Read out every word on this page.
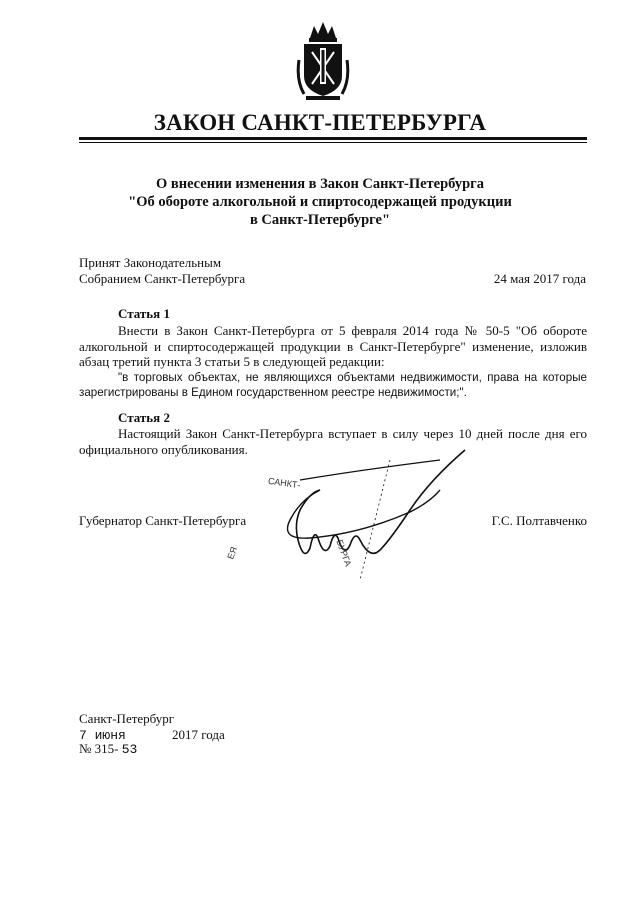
ЗАКОН САНКТ-ПЕТЕРБУРГА
О внесении изменения в Закон Санкт-Петербурга
"Об обороте алкогольной и спиртосодержащей продукции
в Санкт-Петербурге"
Принят Законодательным
Собранием Санкт-Петербурга	24 мая 2017 года
Статья 1
Внести в Закон Санкт-Петербурга от 5 февраля 2014 года № 50-5 "Об обороте алкогольной и спиртосодержащей продукции в Санкт-Петербурге" изменение, изложив абзац третий пункта 3 статьи 5 в следующей редакции:
"в торговых объектах, не являющихся объектами недвижимости, права на которые зарегистрированы в Едином государственном реестре недвижимости;".
Статья 2
Настоящий Закон Санкт-Петербурга вступает в силу через 10 дней после дня его официального опубликования.
Губернатор Санкт-Петербурга	Г.С. Полтавченко
САНКТ-
БУРГА
ЕЯ
Санкт-Петербург
7 июня	2017 года
№ 315- 53
